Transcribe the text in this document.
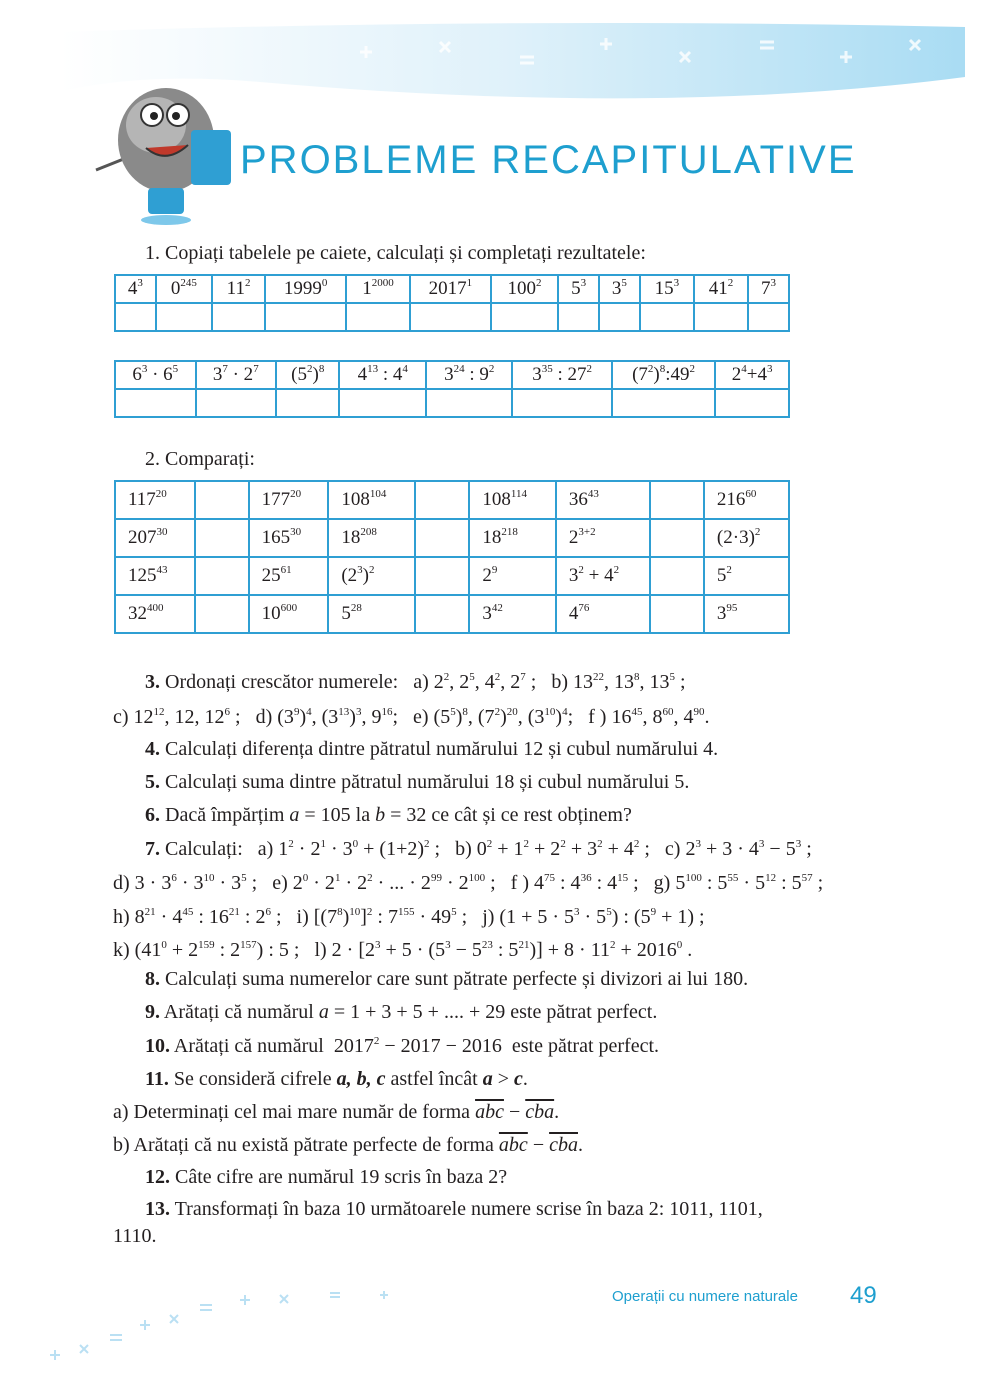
PROBLEME RECAPITULATIVE
1. Copiați tabelele pe caiete, calculați și completați rezultatele:
$4^3$	$0^{245}$	$11^2$	1999$^0$	$1^{2000}$	2017$^1$	$100^2$	$5^3$	$3^5$	$15^3$	$41^2$	$7^3$

$6^3 \cdot 6^5$	$3^7 \cdot 2^7$	$(5^2)^8$	$4^{13}$ : $4^4$	$3^{24}$ : $9^2$	$3^{35}$ : $27^2$	$(7^2)^8:49^2$	$2^4+4^3$

2. Comparați:
$117^{20}$		$177^{20}$	$108^{104}$		$108^{114}$	$36^{43}$		$216^{60}$
$207^{30}$		$165^{30}$	$18^{208}$		$18^{218}$	$2^{3+2}$		$(2\cdot 3)^2$
$125^{43}$		$25^{61}$	$(2^3)^2$		$2^9$	$3^2 + 4^2$		$5^2$
$32^{400}$		$10^{600}$	$5^{28}$		$3^{42}$	$4^{76}$		$3^{95}$
3. Ordonați crescător numerele:   a) $2^2$, $2^5$, $4^2$, $2^7$ ;   b) $13^{22}$, $13^8$, $13^5$ ;
c) $12^{12}$, 12, $12^6$ ;   d) $(3^9)^4$, $(3^{13})^3$, $9^{16}$;   e) $(5^5)^8$, $(7^2)^{20}$, $(3^{10})^4$;   f ) $16^{45}$, $8^{60}$, $4^{90}$.
4. Calculați diferența dintre pătratul numărului 12 și cubul numărului 4.
5. Calculați suma dintre pătratul numărului 18 și cubul numărului 5.
6. Dacă împărțim a = 105 la b = 32 ce cât și ce rest obținem?
7. Calculați:   a) $1^2 \cdot 2^1 \cdot 3^0 + (1+2)^2$ ;   b) $0^2 + 1^2 + 2^2 + 3^2 + 4^2$ ;   c) $2^3 + 3 \cdot 4^3 - 5^3$ ;
d) $3 \cdot 3^6 \cdot 3^{10} \cdot 3^5$ ;   e) $2^0 \cdot 2^1 \cdot 2^2$ · ... · $2^{99} \cdot 2^{100}$ ;   f ) $4^{75}$ : $4^{36}$ : $4^{15}$ ;   g) $5^{100}$ : $5^{55} \cdot 5^{12}$ : $5^{57}$ ;
h) $8^{21} \cdot 4^{45}$ : $16^{21}$ : $2^6$ ;   i) $[(7^8)^{10}]^2$ : $7^{155} \cdot 49^5$ ;   j) $(1 + 5 \cdot 5^3 \cdot 5^5)$ : $(5^9 + 1)$ ;
k) ($41^0 + 2^{159}$ : $2^{157}$) : 5 ;   l) $2 \cdot [2^3 + 5 \cdot (5^3 - 5^{23}$ : $5^{21})] + 8 \cdot 11^2 + 2016^0$ .
8. Calculați suma numerelor care sunt pătrate perfecte și divizori ai lui 180.
9. Arătați că numărul a = 1 + 3 + 5 + .... + 29 este pătrat perfect.
10. Arătați că numărul  $2017^2 - 2017 - 2016$  este pătrat perfect.
11. Se consideră cifrele a, b, c astfel încât a > c.
a) Determinați cel mai mare număr de forma $\overline{abc} - \overline{cba}$.
b) Arătați că nu există pătrate perfecte de forma $\overline{abc} - \overline{cba}$.
12. Câte cifre are numărul 19 scris în baza 2?
13. Transformați în baza 10 următoarele numere scrise în baza 2: 1011, 1101,
1110.
Operații cu numere naturale 49
